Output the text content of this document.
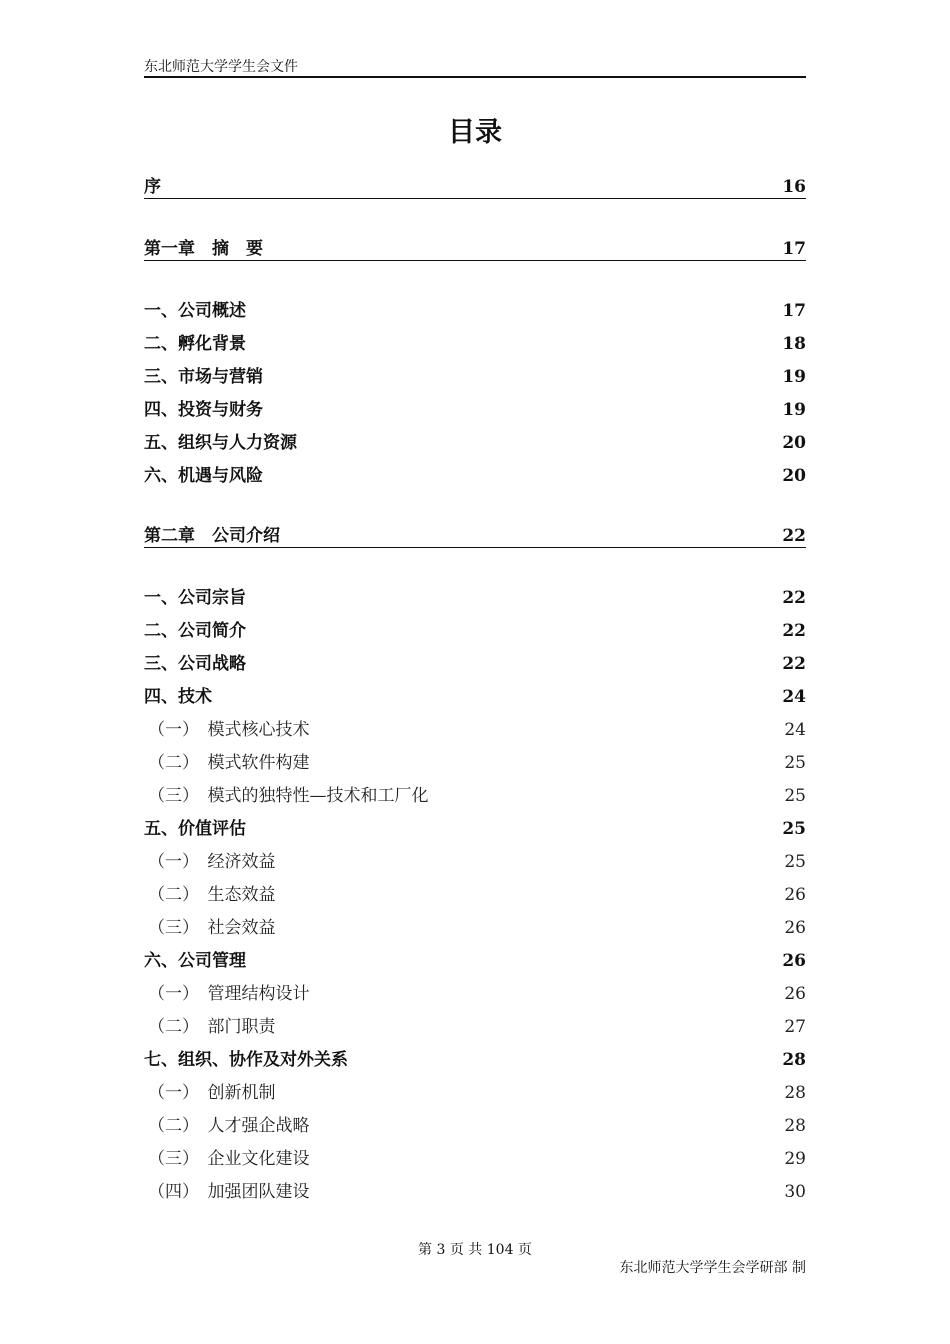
东北师范大学学生会文件
目录
序	16
第一章　摘　要	17
一、公司概述	17
二、孵化背景	18
三、市场与营销	19
四、投资与财务	19
五、组织与人力资源	20
六、机遇与风险	20
第二章　公司介绍	22
一、公司宗旨	22
二、公司简介	22
三、公司战略	22
四、技术	24
（一）　模式核心技术	24
（二）　模式软件构建	25
（三）　模式的独特性—技术和工厂化	25
五、价值评估	25
（一）　经济效益	25
（二）　生态效益	26
（三）　社会效益	26
六、公司管理	26
（一）　管理结构设计	26
（二）　部门职责	27
七、组织、协作及对外关系	28
（一）　创新机制	28
（二）　人才强企战略	28
（三）　企业文化建设	29
（四）　加强团队建设	30
第 3 页 共 104 页
东北师范大学学生会学研部 制
